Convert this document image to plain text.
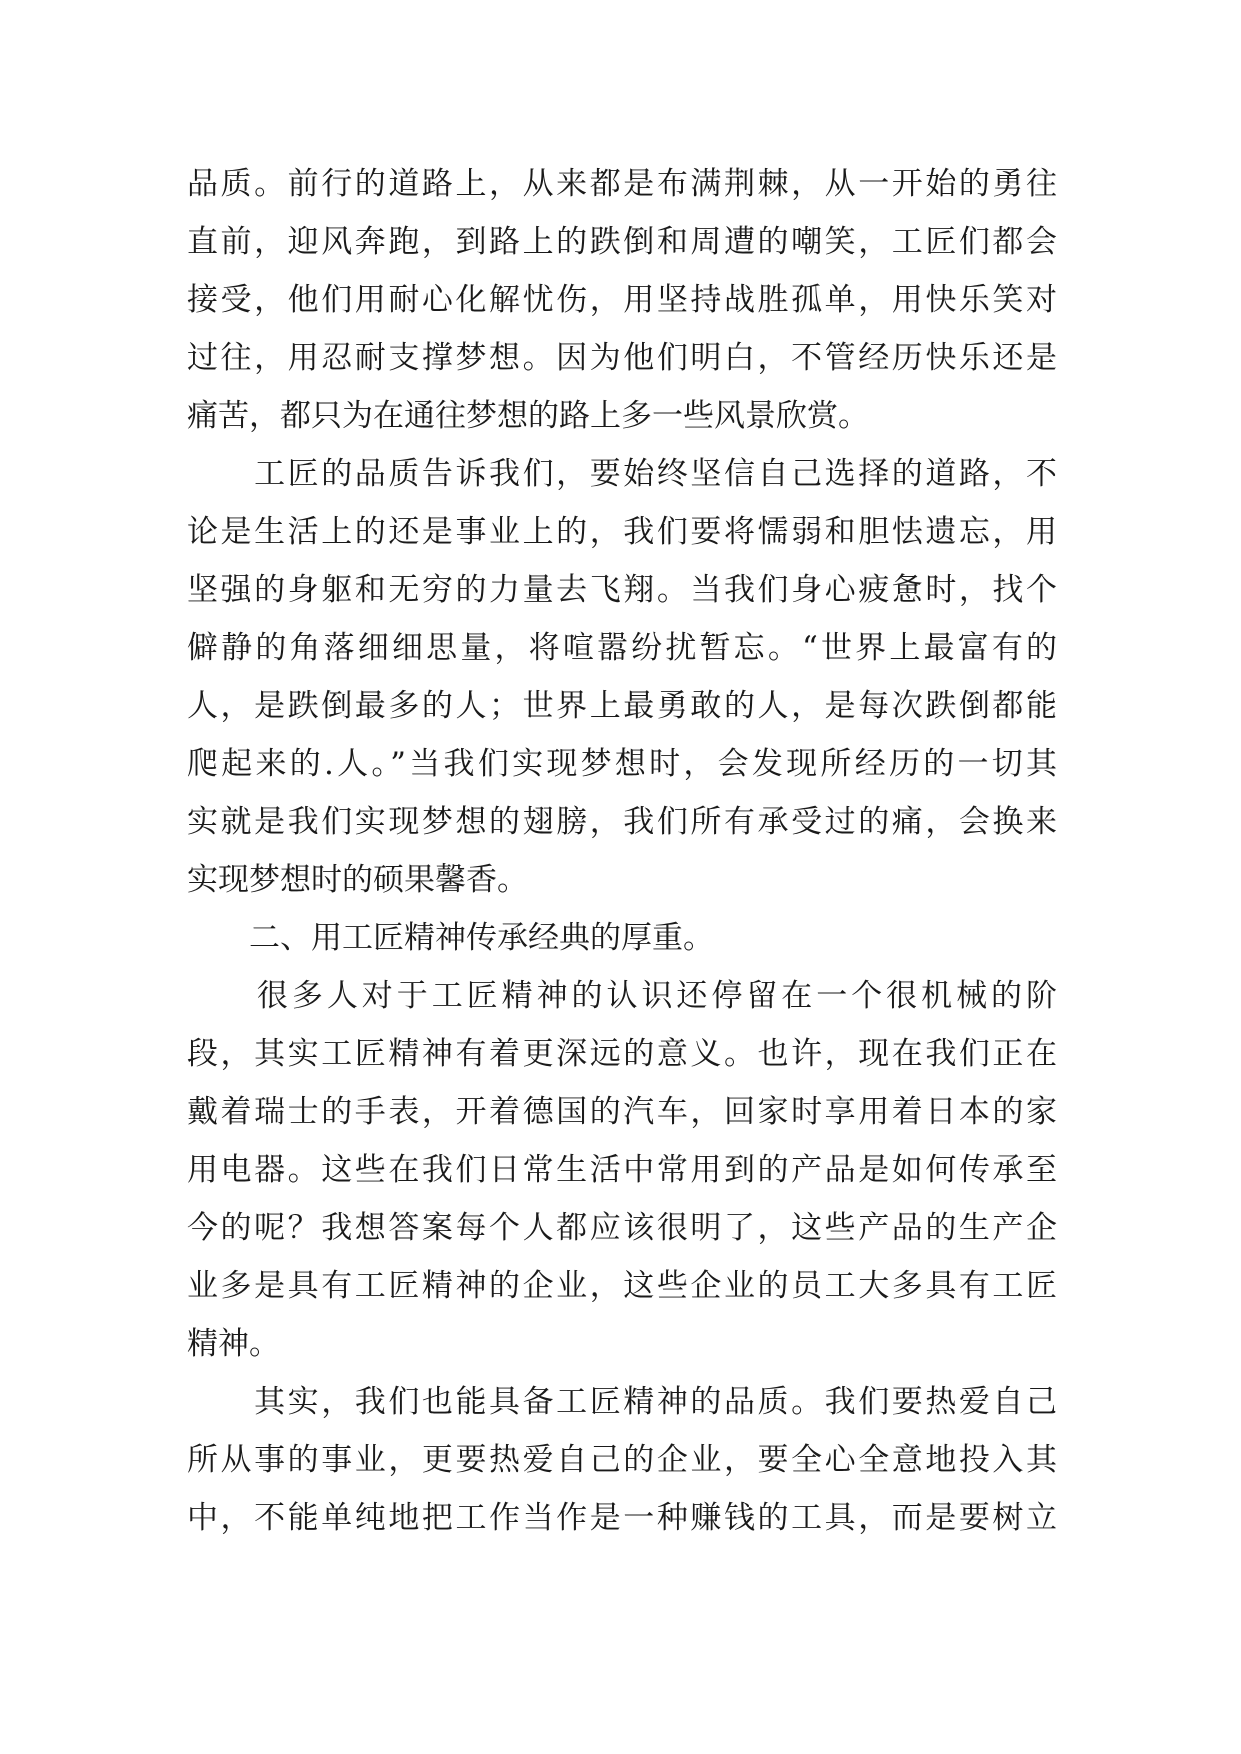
品质。前行的道路上，从来都是布满荆棘，从一开始的勇往
直前，迎风奔跑，到路上的跌倒和周遭的嘲笑，工匠们都会
接受，他们用耐心化解忧伤，用坚持战胜孤单，用快乐笑对
过往，用忍耐支撑梦想。因为他们明白，不管经历快乐还是
痛苦，都只为在通往梦想的路上多一些风景欣赏。
　　工匠的品质告诉我们，要始终坚信自己选择的道路，不
论是生活上的还是事业上的，我们要将懦弱和胆怯遗忘，用
坚强的身躯和无穷的力量去飞翔。当我们身心疲惫时，找个
僻静的角落细细思量，将喧嚣纷扰暂忘。“世界上最富有的
人，是跌倒最多的人；世界上最勇敢的人，是每次跌倒都能
爬起来的.人。”当我们实现梦想时，会发现所经历的一切其
实就是我们实现梦想的翅膀，我们所有承受过的痛，会换来
实现梦想时的硕果馨香。
　　二、用工匠精神传承经典的厚重。
　　很多人对于工匠精神的认识还停留在一个很机械的阶
段，其实工匠精神有着更深远的意义。也许，现在我们正在
戴着瑞士的手表，开着德国的汽车，回家时享用着日本的家
用电器。这些在我们日常生活中常用到的产品是如何传承至
今的呢？我想答案每个人都应该很明了，这些产品的生产企
业多是具有工匠精神的企业，这些企业的员工大多具有工匠
精神。
　　其实，我们也能具备工匠精神的品质。我们要热爱自己
所从事的事业，更要热爱自己的企业，要全心全意地投入其
中，不能单纯地把工作当作是一种赚钱的工具，而是要树立
